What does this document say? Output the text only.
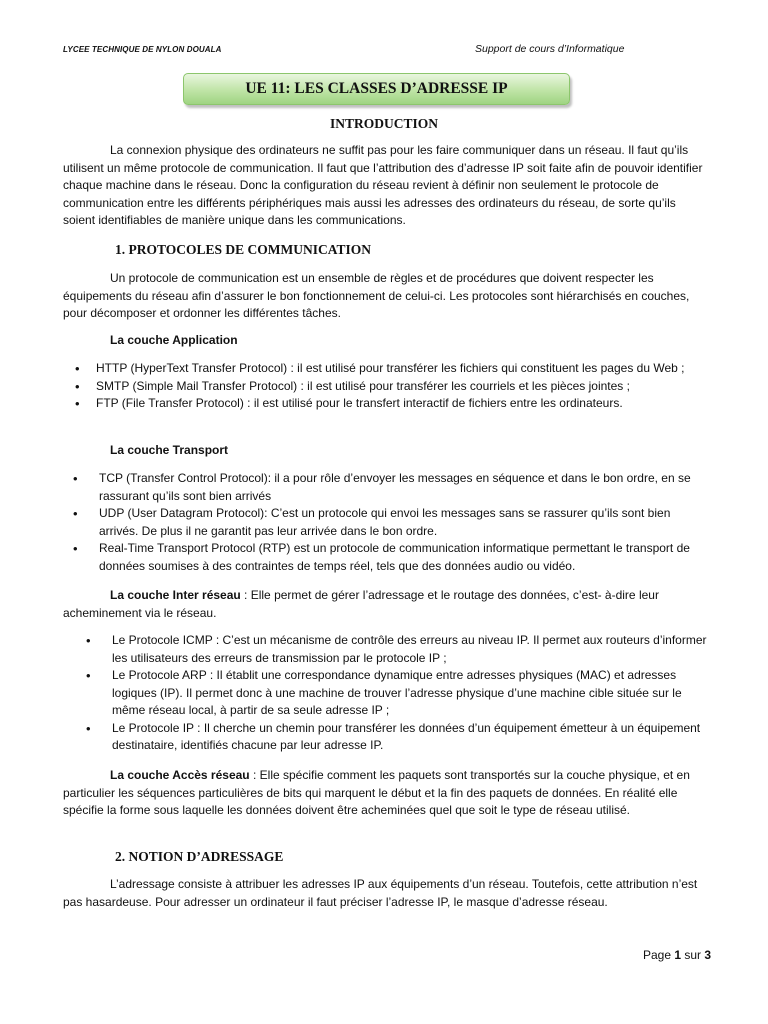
LYCEE TECHNIQUE DE NYLON DOUALA	Support de cours d’Informatique
UE 11: LES CLASSES D’ADRESSE IP
INTRODUCTION
La connexion physique des ordinateurs ne suffit pas pour les faire communiquer dans un réseau. Il faut qu’ils utilisent un même protocole de communication. Il faut que l’attribution des d’adresse IP soit faite afin de pouvoir identifier chaque machine dans le réseau. Donc la configuration du réseau revient à définir non seulement le protocole de communication entre les différents périphériques mais aussi les adresses des ordinateurs du réseau, de sorte qu’ils soient identifiables de manière unique dans les communications.
1. PROTOCOLES DE COMMUNICATION
Un protocole de communication est un ensemble de règles et de procédures que doivent respecter les équipements du réseau afin d’assurer le bon fonctionnement de celui-ci. Les protocoles sont hiérarchisés en couches, pour décomposer et ordonner les différentes tâches.
La couche Application
• HTTP (HyperText Transfer Protocol) : il est utilisé pour transférer les fichiers qui constituent les pages du Web ;
• SMTP (Simple Mail Transfer Protocol) : il est utilisé pour transférer les courriels et les pièces jointes ;
• FTP (File Transfer Protocol) : il est utilisé pour le transfert interactif de fichiers entre les ordinateurs.
La couche Transport
• TCP (Transfer Control Protocol): il a pour rôle d’envoyer les messages en séquence et dans le bon ordre, en se rassurant qu’ils sont bien arrivés
• UDP (User Datagram Protocol): C’est un protocole qui envoi les messages sans se rassurer qu’ils sont bien arrivés. De plus il ne garantit pas leur arrivée dans le bon ordre.
• Real-Time Transport Protocol (RTP) est un protocole de communication informatique permettant le transport de données soumises à des contraintes de temps réel, tels que des données audio ou vidéo.
La couche Inter réseau : Elle permet de gérer l’adressage et le routage des données, c’est- à-dire leur acheminement via le réseau.
• Le Protocole ICMP : C’est un mécanisme de contrôle des erreurs au niveau IP. Il permet aux routeurs d’informer les utilisateurs des erreurs de transmission par le protocole IP ;
• Le Protocole ARP : Il établit une correspondance dynamique entre adresses physiques (MAC) et adresses logiques (IP). Il permet donc à une machine de trouver l’adresse physique d’une machine cible située sur le même réseau local, à partir de sa seule adresse IP ;
• Le Protocole IP : Il cherche un chemin pour transférer les données d’un équipement émetteur à un équipement destinataire, identifiés chacune par leur adresse IP.
La couche Accès réseau : Elle spécifie comment les paquets sont transportés sur la couche physique, et en particulier les séquences particulières de bits qui marquent le début et la fin des paquets de données. En réalité elle spécifie la forme sous laquelle les données doivent être acheminées quel que soit le type de réseau utilisé.
2. NOTION D’ADRESSAGE
L’adressage consiste à attribuer les adresses IP aux équipements d’un réseau. Toutefois, cette attribution n’est pas hasardeuse. Pour adresser un ordinateur il faut préciser l’adresse IP, le masque d’adresse réseau.
Page 1 sur 3
